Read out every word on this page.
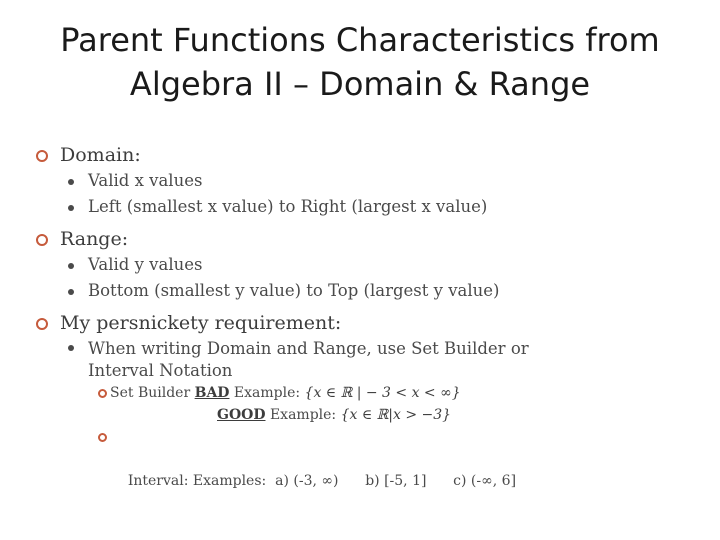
Parent Functions Characteristics from
Algebra II – Domain & Range
Domain:
Valid x values
Left (smallest x value) to Right (largest x value)
Range:
Valid y values
Bottom (smallest y value) to Top (largest y value)
My persnickety requirement:
When writing Domain and Range, use Set Builder or
Interval Notation
Set Builder BAD Example: {x ∈ ℝ | − 3 < x < ∞}
GOOD Example: {x ∈ ℝ|x > −3}

Interval: Examples:  a) (-3, ∞)      b) [-5, 1]      c) (-∞, 6]
